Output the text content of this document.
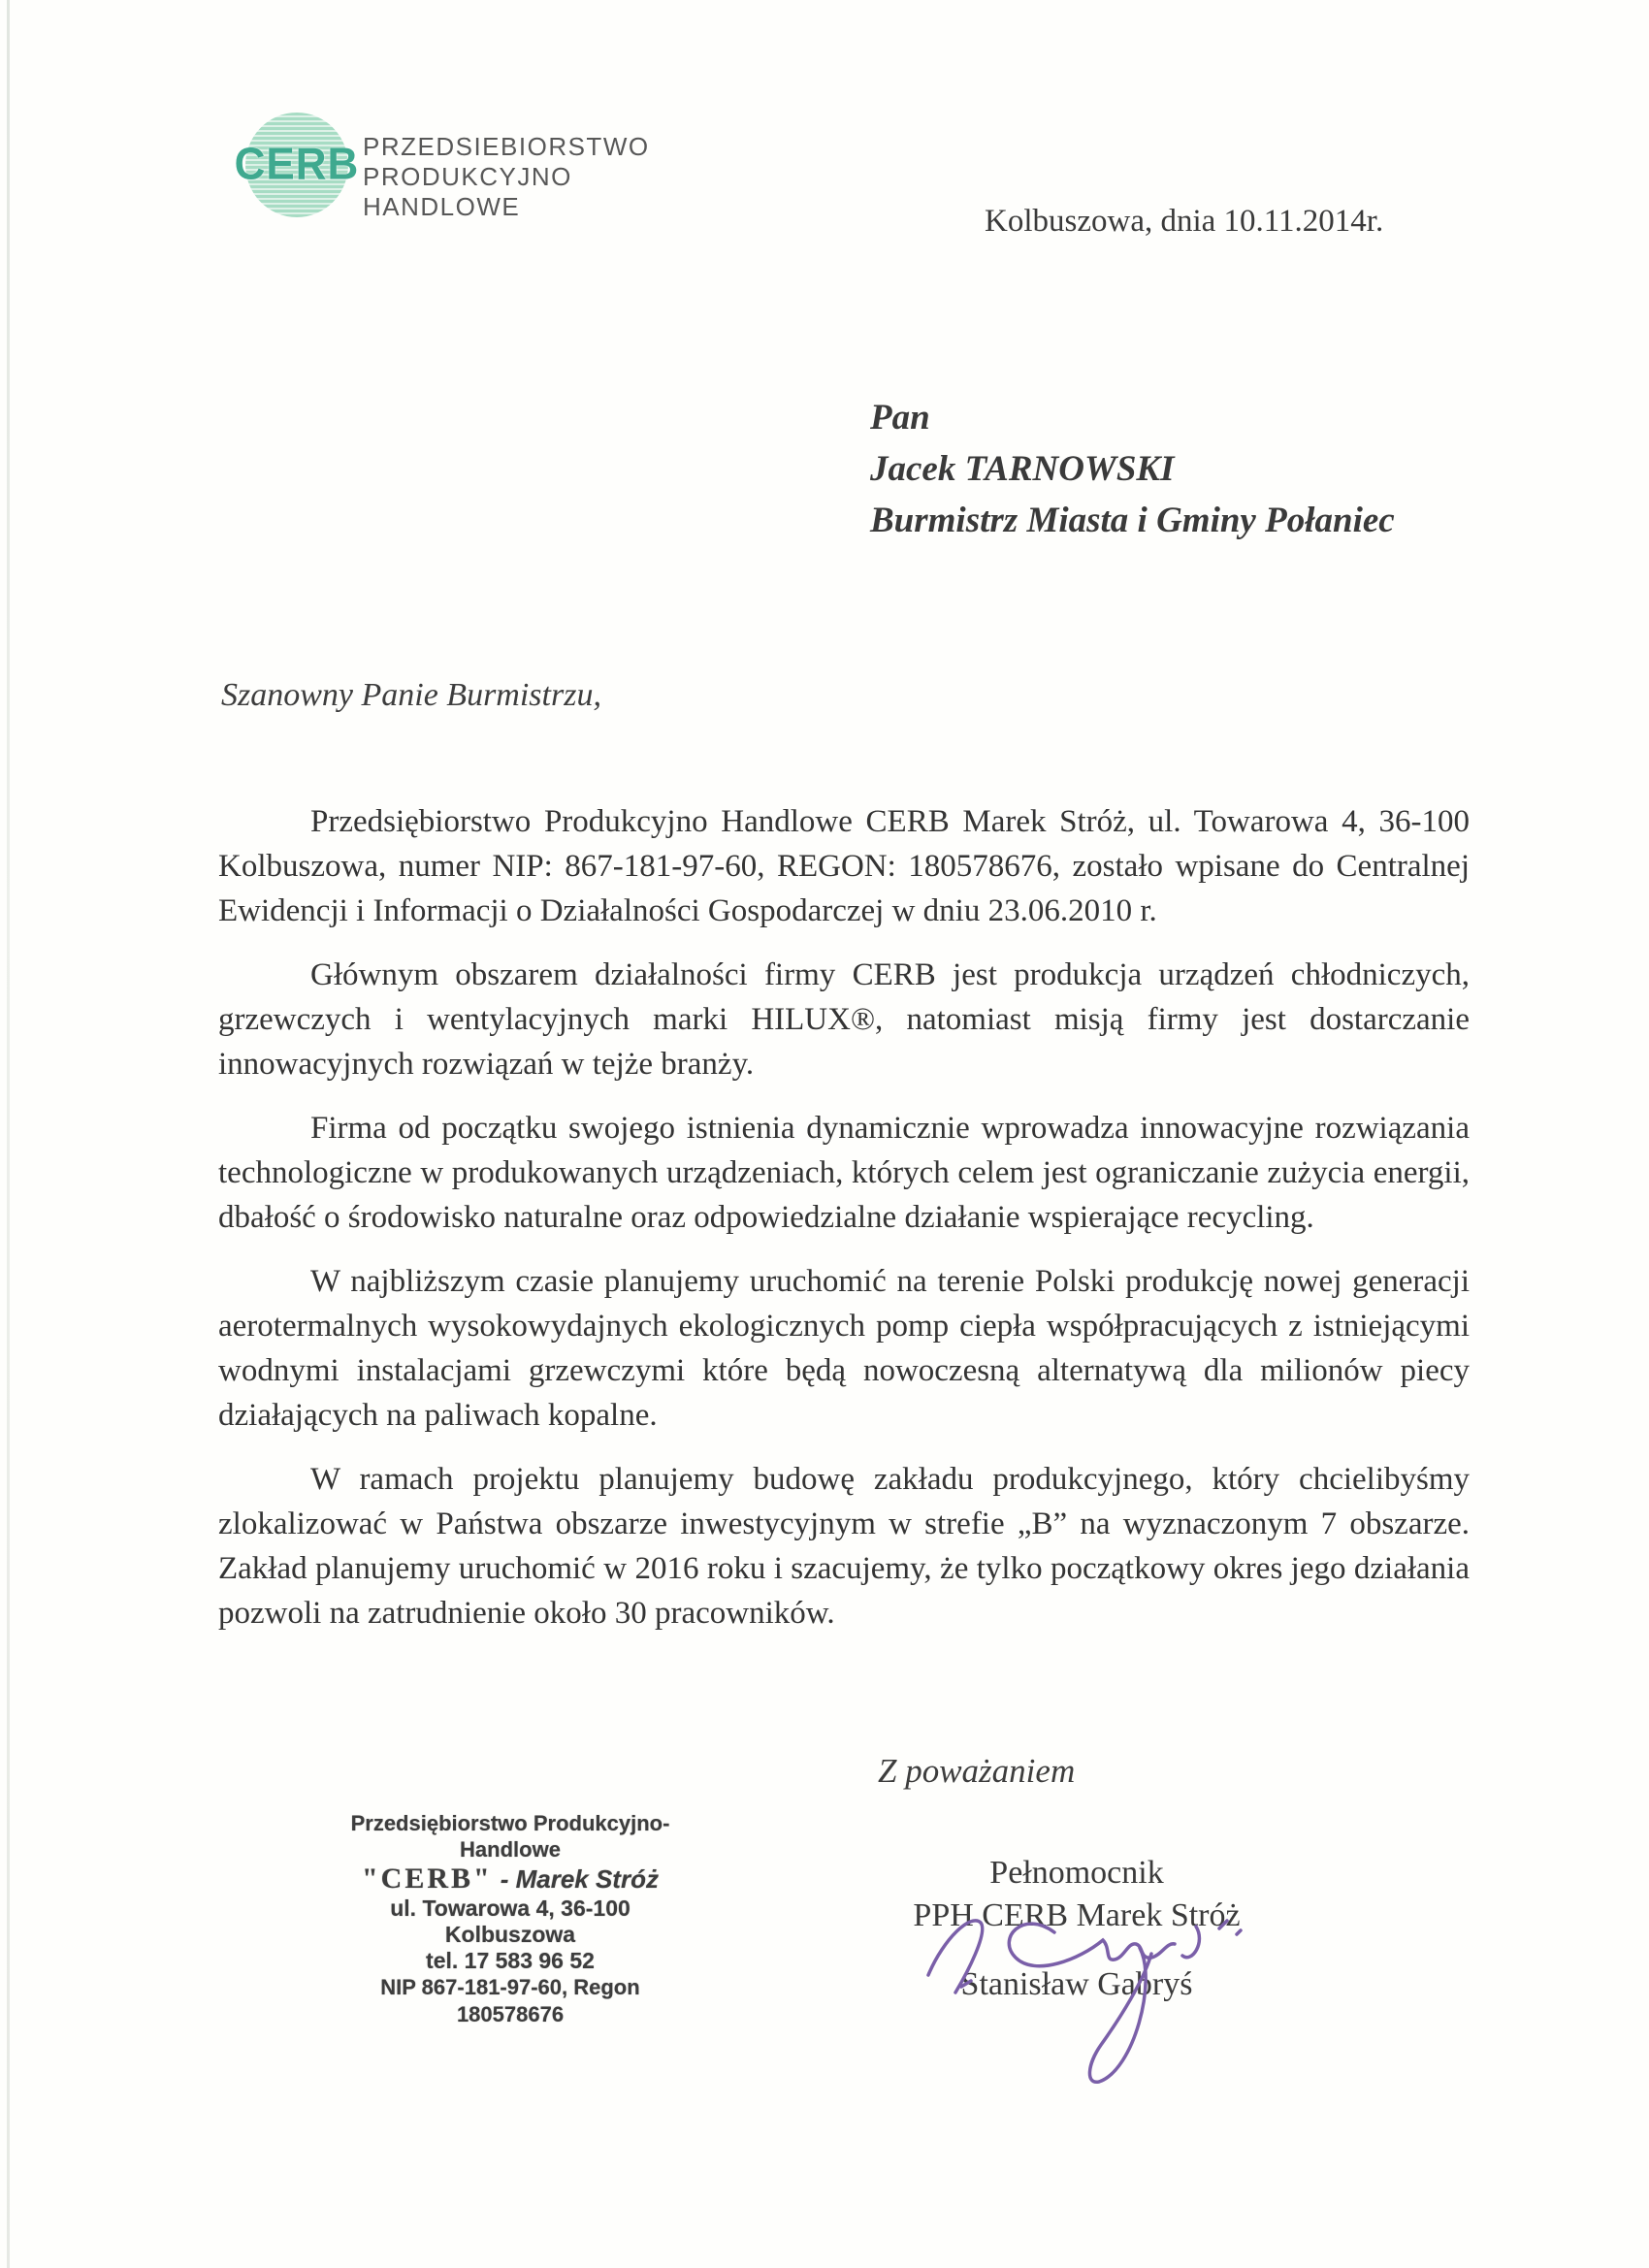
CERB PRZEDSIEBIORSTWO
PRODUKCYJNO
HANDLOWE	Kolbuszowa, dnia 10.11.2014r.
Pan
Jacek TARNOWSKI
Burmistrz Miasta i Gminy Połaniec
Szanowny Panie Burmistrzu,

Przedsiębiorstwo Produkcyjno Handlowe CERB Marek Stróż, ul. Towarowa 4, 36-100 Kolbuszowa, numer NIP: 867-181-97-60, REGON: 180578676, zostało wpisane do Centralnej Ewidencji i Informacji o Działalności Gospodarczej w dniu 23.06.2010 r.

Głównym obszarem działalności firmy CERB jest produkcja urządzeń chłodniczych, grzewczych i wentylacyjnych marki HILUX®, natomiast misją firmy jest dostarczanie innowacyjnych rozwiązań w tejże branży.

Firma od początku swojego istnienia dynamicznie wprowadza innowacyjne rozwiązania technologiczne w produkowanych urządzeniach, których celem jest ograniczanie zużycia energii, dbałość o środowisko naturalne oraz odpowiedzialne działanie wspierające recycling.

W najbliższym czasie planujemy uruchomić na terenie Polski produkcję nowej generacji aerotermalnych wysokowydajnych ekologicznych pomp ciepła współpracujących z istniejącymi wodnymi instalacjami grzewczymi które będą nowoczesną alternatywą dla milionów piecy działających na paliwach kopalne.

W ramach projektu planujemy budowę zakładu produkcyjnego, który chcielibyśmy zlokalizować w Państwa obszarze inwestycyjnym w strefie „B” na wyznaczonym 7 obszarze. Zakład planujemy uruchomić w 2016 roku i szacujemy, że tylko początkowy okres jego działania pozwoli na zatrudnienie około 30 pracowników.

Z poważaniem
Przedsiębiorstwo Produkcyjno-Handlowe
"CERB" - Marek Stróż
ul. Towarowa 4, 36-100 Kolbuszowa
tel. 17 583 96 52
NIP 867-181-97-60, Regon 180578676
Pełnomocnik
PPH CERB Marek Stróż
Stanisław Gabryś
